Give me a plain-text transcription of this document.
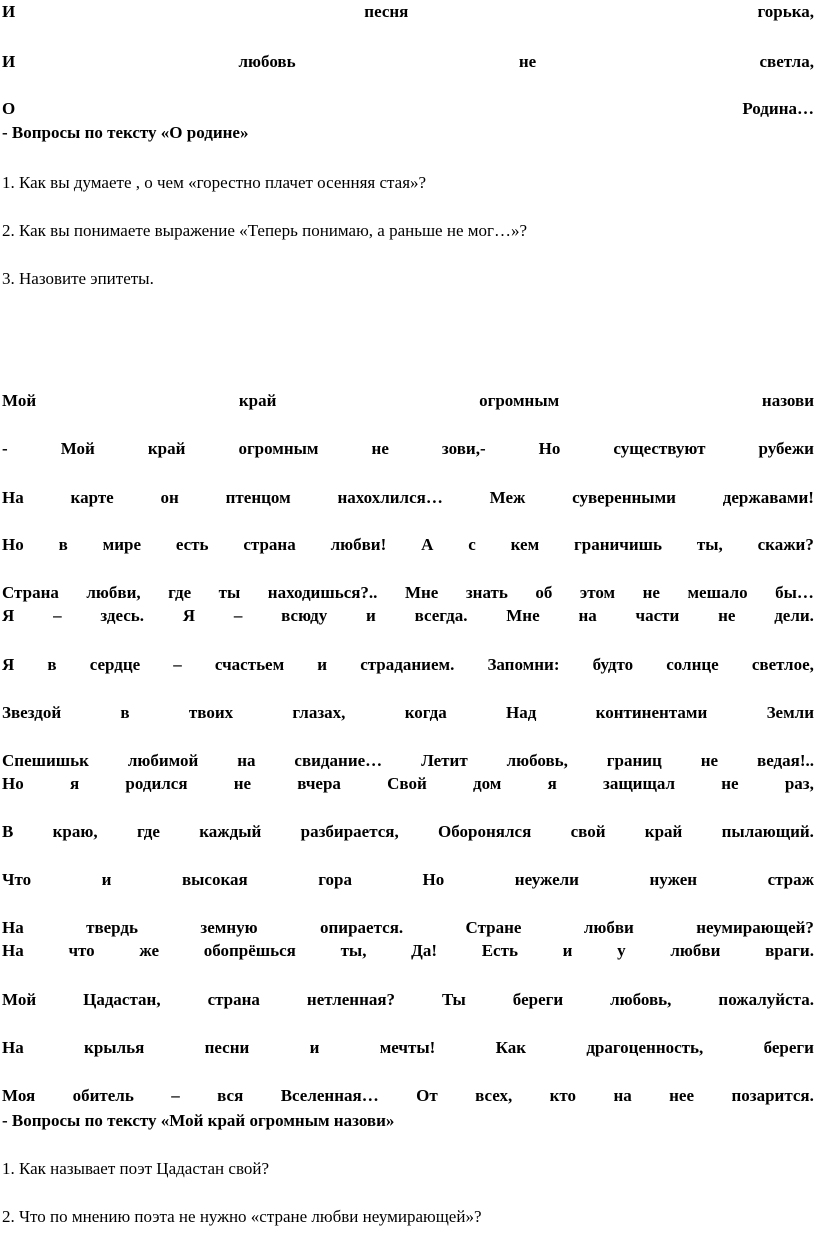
И	песня	горька,
И	любовь	не	светла,
О	Родина…
- Вопросы по тексту «О родине»
1. Как вы думаете , о чем «горестно плачет осенняя стая»?
2. Как вы понимаете выражение «Теперь понимаю, а раньше не мог…»?
3. Назовите эпитеты.
Мой	край	огромным	назови
-	Мой	край	огромным	не	зови,-	Но	существуют	рубежи
На	карте	он	птенцом	нахохлился…	Меж	суверенными	державами!
Но в мире есть страна любви! А с кем граничишь ты, скажи?
Страна любви, где ты находишься?.. Мне знать об этом не мешало бы…
Я – здесь. Я – всюду и всегда. Мне на части не дели.
Я в сердце – счастьем и страданием. Запомни: будто солнце светлое,
Звездой	в	твоих	глазах,	когда	Над	континентами	Земли
Спешишьк любимой на свидание… Летит любовь, границ не ведая!..
Но	я	родился	не	вчера	Свой	дом	я	защищал	не	раз,
В краю, где каждый разбирается, Оборонялся свой край пылающий.
Что	и	высокая	гора	Но	неужели	нужен	страж
На	твердь	земную	опирается.	Стране	любви	неумирающей?
На	что	же	обопрёшься	ты,	Да!	Есть	и	у	любви	враги.
Мой	Цадастан,	страна	нетленная?	Ты	береги	любовь,	пожалуйста.
На	крылья	песни	и	мечты!	Как	драгоценность,	береги
Моя обитель – вся Вселенная… От всех, кто на нее позарится.
- Вопросы по тексту «Мой край огромным назови»
1. Как называет поэт Цадастан свой?
2. Что по мнению поэта не нужно «стране любви неумирающей»?
